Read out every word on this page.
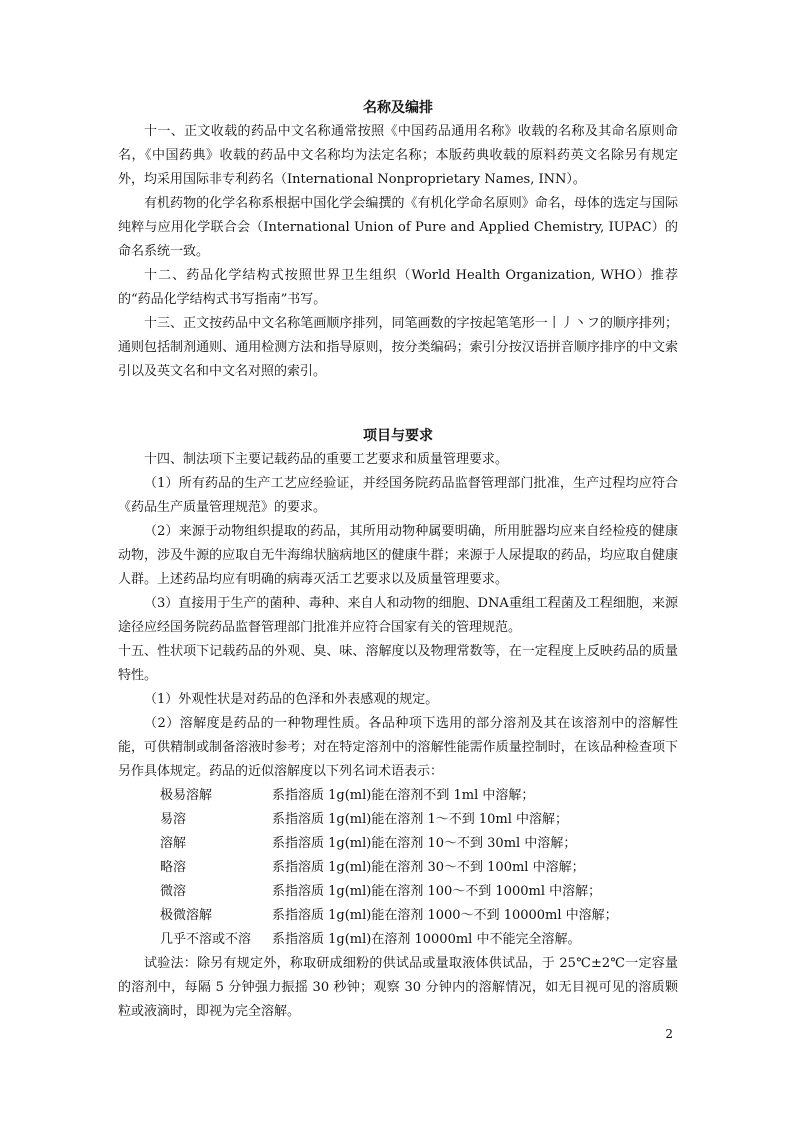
名称及编排

十一、正文收载的药品中文名称通常按照《中国药品通用名称》收载的名称及其命名原则命名，《中国药典》收载的药品中文名称均为法定名称；本版药典收载的原料药英文名除另有规定外，均采用国际非专利药名（International Nonproprietary Names, INN）。

有机药物的化学名称系根据中国化学会编撰的《有机化学命名原则》命名，母体的选定与国际纯粹与应用化学联合会（International Union of Pure and Applied Chemistry, IUPAC）的命名系统一致。

十二、药品化学结构式按照世界卫生组织（World Health Organization, WHO）推荐的“药品化学结构式书写指南”书写。

十三、正文按药品中文名称笔画顺序排列，同笔画数的字按起笔笔形一丨丿丶フ的顺序排列；通则包括制剂通则、通用检测方法和指导原则，按分类编码；索引分按汉语拼音顺序排序的中文索引以及英文名和中文名对照的索引。

项目与要求

十四、制法项下主要记载药品的重要工艺要求和质量管理要求。

（1）所有药品的生产工艺应经验证，并经国务院药品监督管理部门批准，生产过程均应符合《药品生产质量管理规范》的要求。

（2）来源于动物组织提取的药品，其所用动物种属要明确，所用脏器均应来自经检疫的健康动物，涉及牛源的应取自无牛海绵状脑病地区的健康牛群；来源于人尿提取的药品，均应取自健康人群。上述药品均应有明确的病毒灭活工艺要求以及质量管理要求。

（3）直接用于生产的菌种、毒种、来自人和动物的细胞、DNA重组工程菌及工程细胞，来源途径应经国务院药品监督管理部门批准并应符合国家有关的管理规范。

十五、性状项下记载药品的外观、臭、味、溶解度以及物理常数等，在一定程度上反映药品的质量特性。

（1）外观性状是对药品的色泽和外表感观的规定。

（2）溶解度是药品的一种物理性质。各品种项下选用的部分溶剂及其在该溶剂中的溶解性能，可供精制或制备溶液时参考；对在特定溶剂中的溶解性能需作质量控制时，在该品种检查项下另作具体规定。药品的近似溶解度以下列名词术语表示：

极易溶解	系指溶质 1g(ml)能在溶剂不到 1ml 中溶解；
易溶	系指溶质 1g(ml)能在溶剂 1～不到 10ml 中溶解；
溶解	系指溶质 1g(ml)能在溶剂 10～不到 30ml 中溶解；
略溶	系指溶质 1g(ml)能在溶剂 30～不到 100ml 中溶解；
微溶	系指溶质 1g(ml)能在溶剂 100～不到 1000ml 中溶解；
极微溶解	系指溶质 1g(ml)能在溶剂 1000～不到 10000ml 中溶解；
几乎不溶或不溶	系指溶质 1g(ml)在溶剂 10000ml 中不能完全溶解。

试验法：除另有规定外，称取研成细粉的供试品或量取液体供试品，于 25℃±2℃一定容量的溶剂中，每隔 5 分钟强力振摇 30 秒钟；观察 30 分钟内的溶解情况，如无目视可见的溶质颗粒或液滴时，即视为完全溶解。

2
